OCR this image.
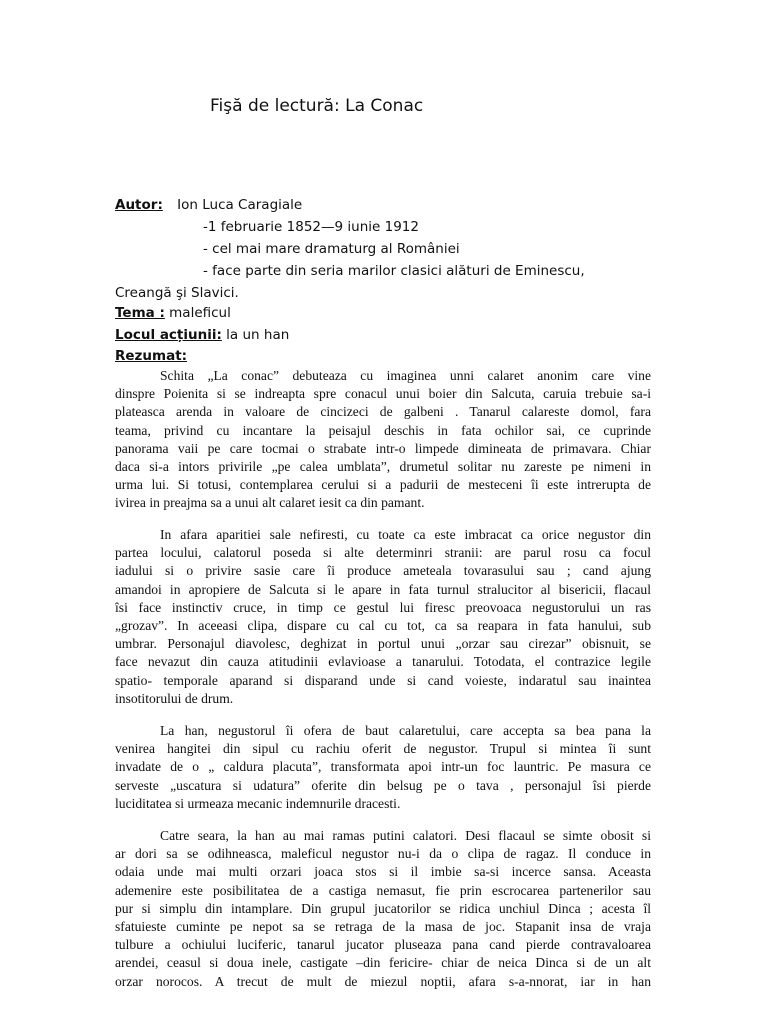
Fişă de lectură: La Conac
Autor: Ion Luca Caragiale
-1 februarie 1852—9 iunie 1912
- cel mai mare dramaturg al României
- face parte din seria marilor clasici alături de Eminescu,
Creangă şi Slavici.
Tema : maleficul
Locul acțiunii: la un han
Rezumat:
Schita „La conac” debuteaza cu imaginea unni calaret anonim care vine
dinspre Poienita si se indreapta spre conacul unui boier din Salcuta, caruia trebuie sa-i
plateasca arenda in valoare de cincizeci de galbeni . Tanarul calareste domol, fara
teama, privind cu incantare la peisajul deschis in fata ochilor sai, ce cuprinde
panorama vaii pe care tocmai o strabate intr-o limpede dimineata de primavara. Chiar
daca si-a intors privirile „pe calea umblata”, drumetul solitar nu zareste pe nimeni in
urma lui. Si totusi, contemplarea cerului si a padurii de mesteceni îi este intrerupta de
ivirea in preajma sa a unui alt calaret iesit ca din pamant.
In afara aparitiei sale nefiresti, cu toate ca este imbracat ca orice negustor din
partea locului, calatorul poseda si alte determinri stranii: are parul rosu ca focul
iadului si o privire sasie care îi produce ameteala tovarasului sau ; cand ajung
amandoi in apropiere de Salcuta si le apare in fata turnul stralucitor al bisericii, flacaul
îsi face instinctiv cruce, in timp ce gestul lui firesc preovoaca negustorului un ras
„grozav”. In aceeasi clipa, dispare cu cal cu tot, ca sa reapara in fata hanului, sub
umbrar. Personajul diavolesc, deghizat in portul unui „orzar sau cirezar” obisnuit, se
face nevazut din cauza atitudinii evlavioase a tanarului. Totodata, el contrazice legile
spatio- temporale aparand si disparand unde si cand voieste, indaratul sau inaintea
insotitorului de drum.
La han, negustorul îi ofera de baut calaretului, care accepta sa bea pana la
venirea hangitei din sipul cu rachiu oferit de negustor. Trupul si mintea îi sunt
invadate de o „ caldura placuta”, transformata apoi intr-un foc launtric. Pe masura ce
serveste „uscatura si udatura” oferite din belsug pe o tava , personajul îsi pierde
luciditatea si urmeaza mecanic indemnurile dracesti.
Catre seara, la han au mai ramas putini calatori. Desi flacaul se simte obosit si
ar dori sa se odihneasca, maleficul negustor nu-i da o clipa de ragaz. Il conduce in
odaia unde mai multi orzari joaca stos si il imbie sa-si incerce sansa. Aceasta
ademenire este posibilitatea de a castiga nemasut, fie prin escrocarea partenerilor sau
pur si simplu din intamplare. Din grupul jucatorilor se ridica unchiul Dinca ; acesta îl
sfatuieste cuminte pe nepot sa se retraga de la masa de joc. Stapanit insa de vraja
tulbure a ochiului luciferic, tanarul jucator pluseaza pana cand pierde contravaloarea
arendei, ceasul si doua inele, castigate –din fericire- chiar de neica Dinca si de un alt
orzar norocos. A trecut de mult de miezul noptii, afara s-a-nnorat, iar in han
